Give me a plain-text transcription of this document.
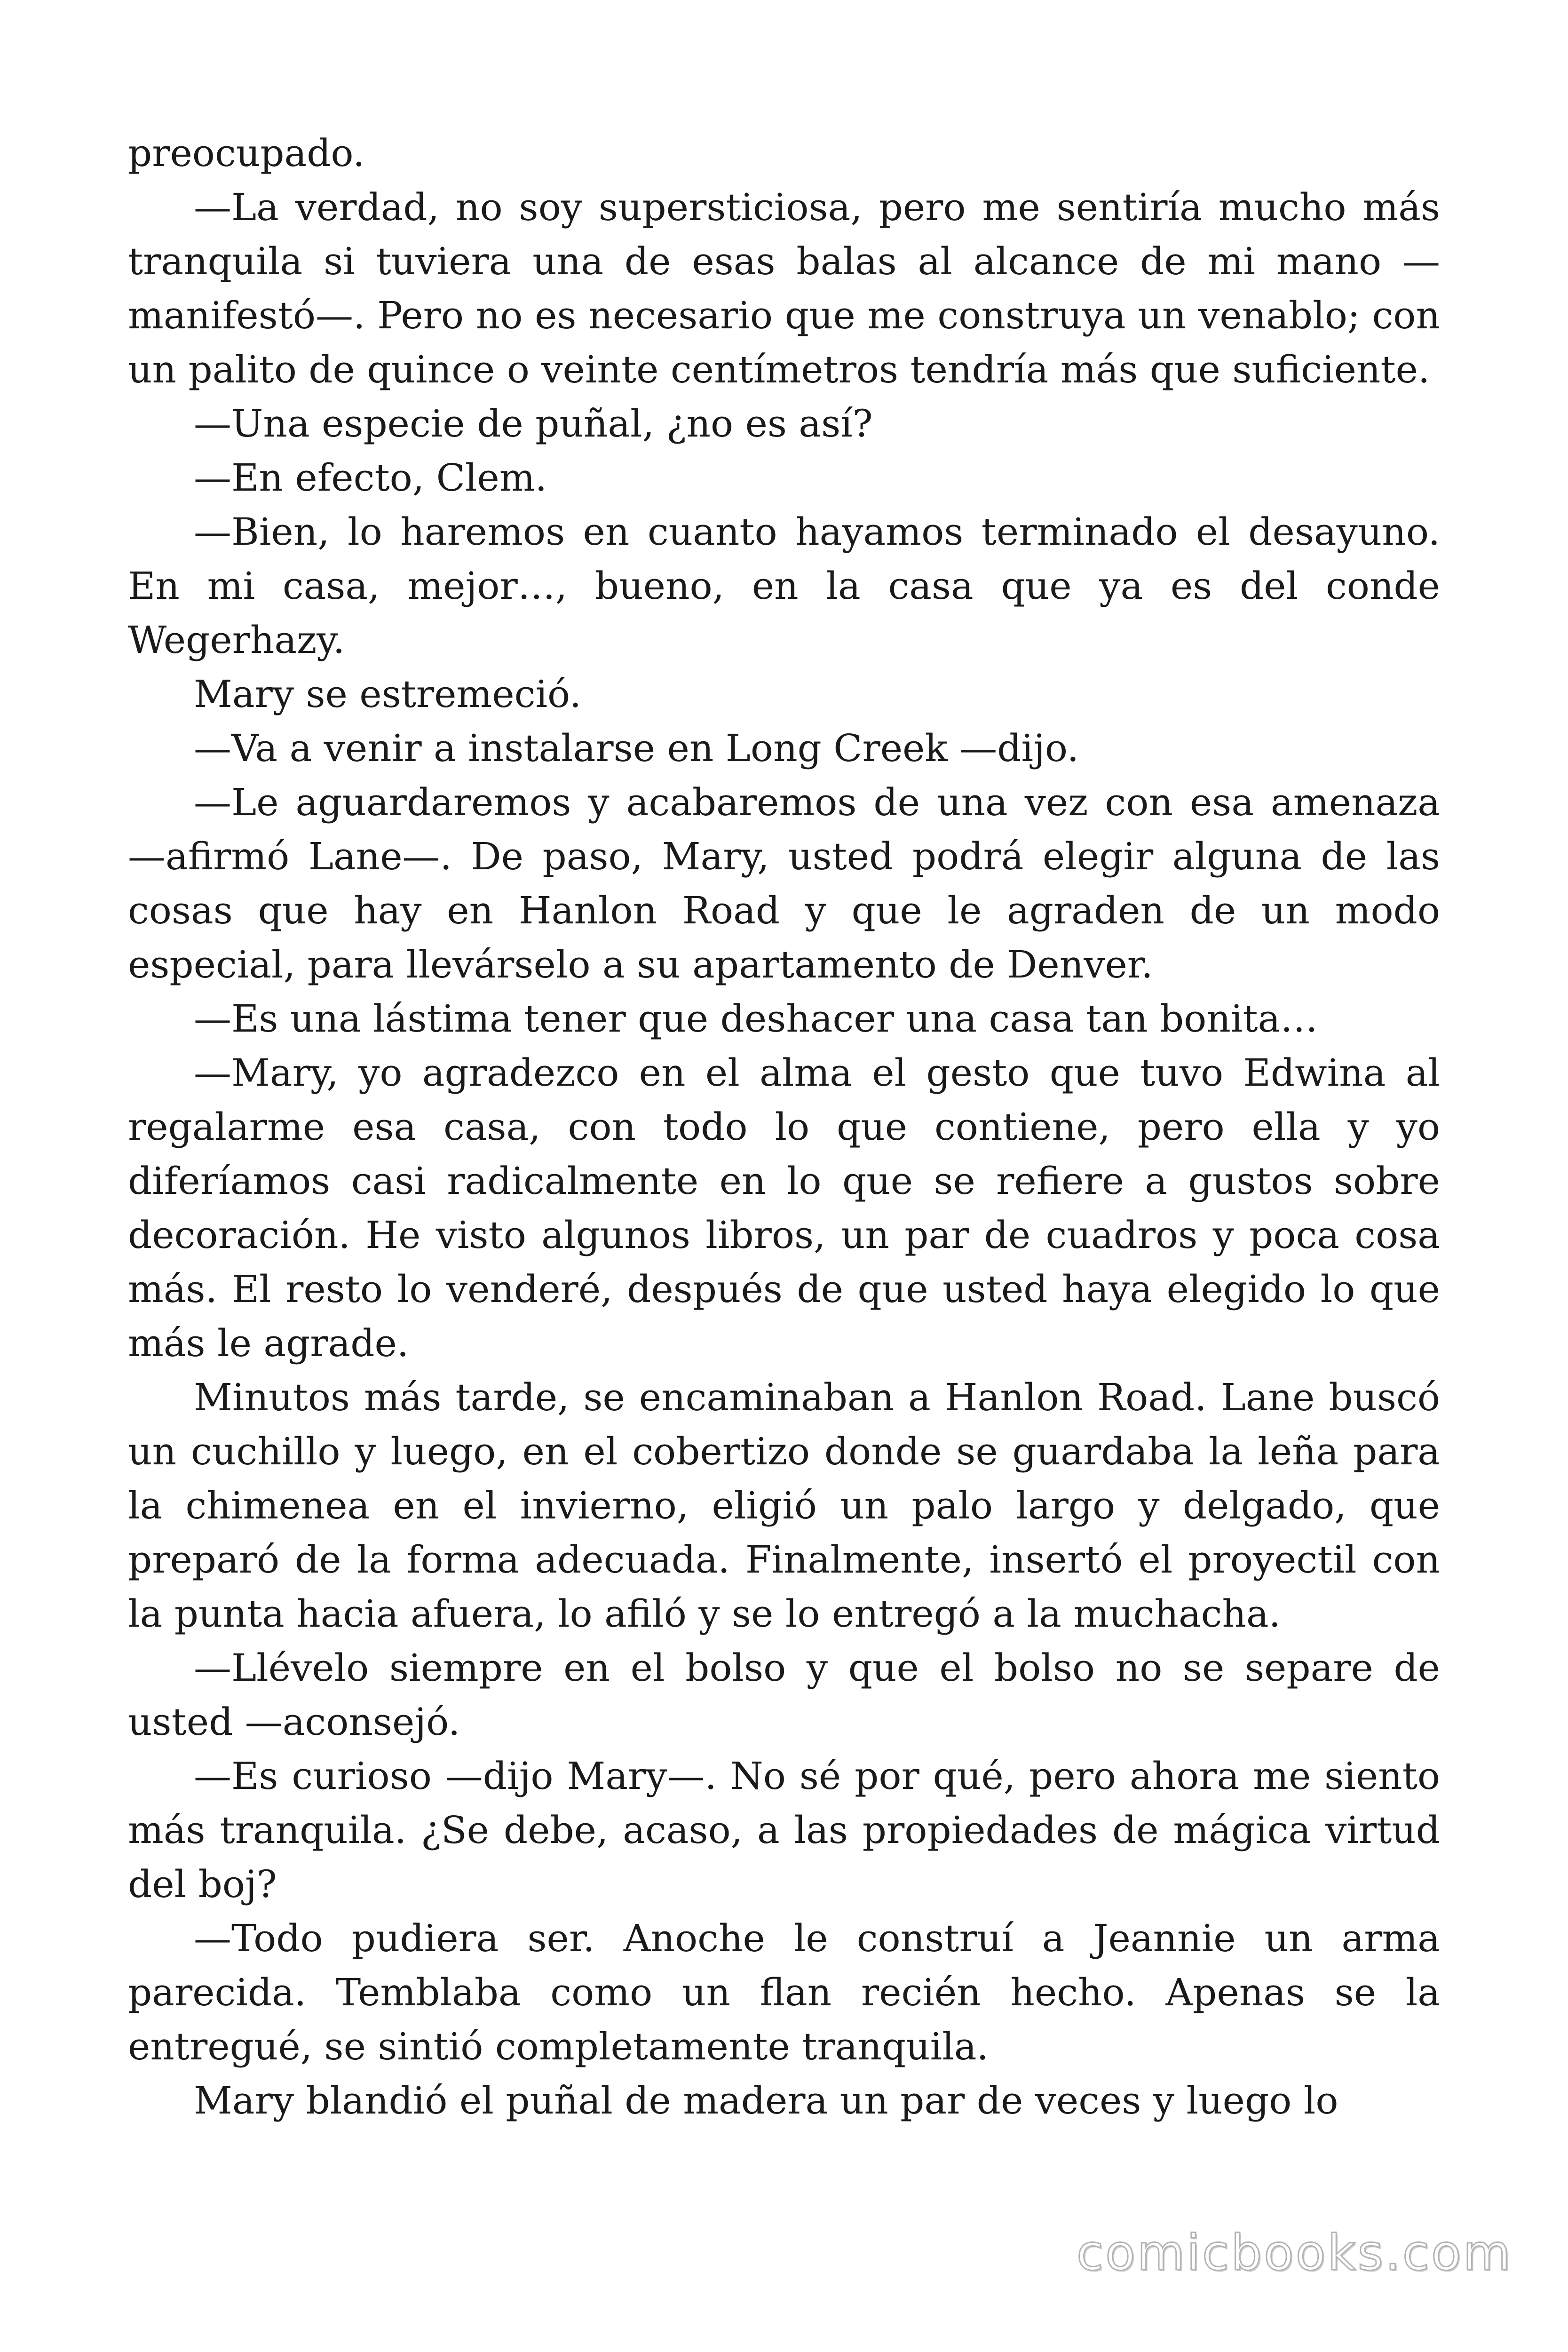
preocupado.

—La verdad, no soy supersticiosa, pero me sentiría mucho más tranquila si tuviera una de esas balas al alcance de mi mano —manifestó—. Pero no es necesario que me construya un venablo; con un palito de quince o veinte centímetros tendría más que suficiente.

—Una especie de puñal, ¿no es así?

—En efecto, Clem.

—Bien, lo haremos en cuanto hayamos terminado el desayuno. En mi casa, mejor…, bueno, en la casa que ya es del conde Wegerhazy.

Mary se estremeció.

—Va a venir a instalarse en Long Creek —dijo.

—Le aguardaremos y acabaremos de una vez con esa amenaza —afirmó Lane—. De paso, Mary, usted podrá elegir alguna de las cosas que hay en Hanlon Road y que le agraden de un modo especial, para llevárselo a su apartamento de Denver.

—Es una lástima tener que deshacer una casa tan bonita…

—Mary, yo agradezco en el alma el gesto que tuvo Edwina al regalarme esa casa, con todo lo que contiene, pero ella y yo diferíamos casi radicalmente en lo que se refiere a gustos sobre decoración. He visto algunos libros, un par de cuadros y poca cosa más. El resto lo venderé, después de que usted haya elegido lo que más le agrade.

Minutos más tarde, se encaminaban a Hanlon Road. Lane buscó un cuchillo y luego, en el cobertizo donde se guardaba la leña para la chimenea en el invierno, eligió un palo largo y delgado, que preparó de la forma adecuada. Finalmente, insertó el proyectil con la punta hacia afuera, lo afiló y se lo entregó a la muchacha.

—Llévelo siempre en el bolso y que el bolso no se separe de usted —aconsejó.

—Es curioso —dijo Mary—. No sé por qué, pero ahora me siento más tranquila. ¿Se debe, acaso, a las propiedades de mágica virtud del boj?

—Todo pudiera ser. Anoche le construí a Jeannie un arma parecida. Temblaba como un flan recién hecho. Apenas se la entregué, se sintió completamente tranquila.

Mary blandió el puñal de madera un par de veces y luego lo

comicbooks.com
